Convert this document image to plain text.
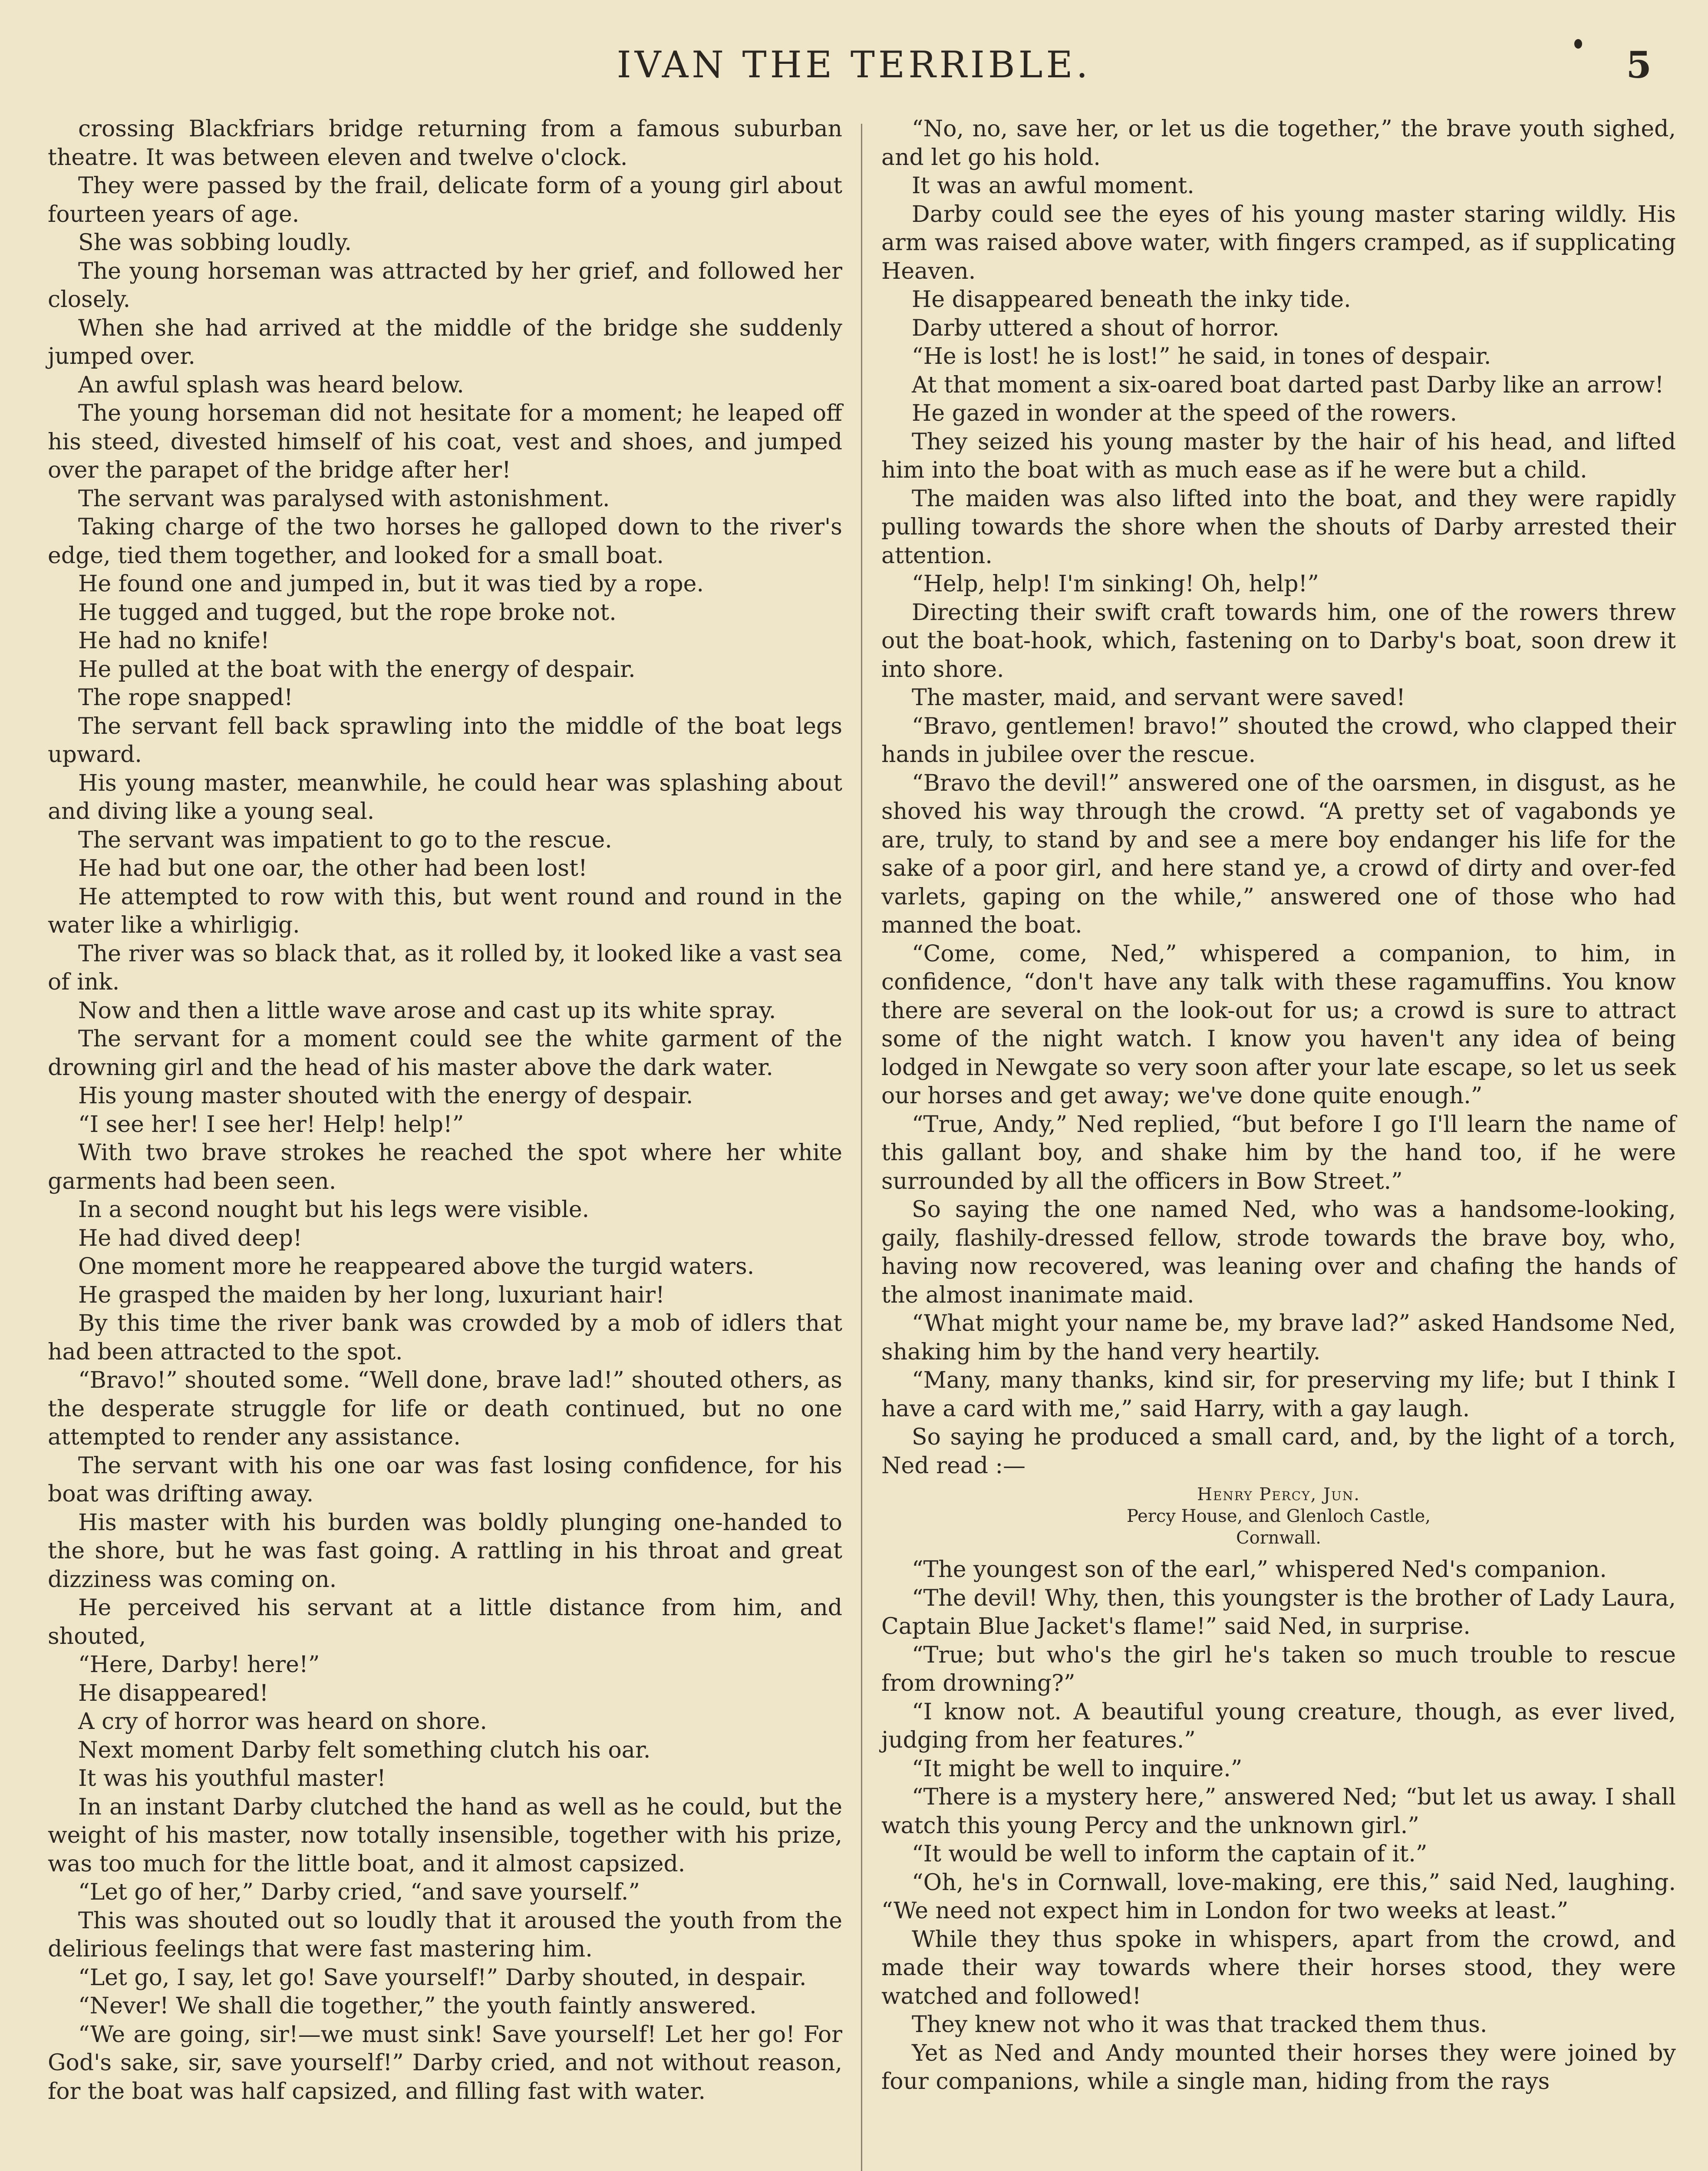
IVAN THE TERRIBLE.	5

crossing Blackfriars bridge returning from a famous suburban theatre. It was between eleven and twelve o'clock.

They were passed by the frail, delicate form of a young girl about fourteen years of age.

She was sobbing loudly.

The young horseman was attracted by her grief, and followed her closely.

When she had arrived at the middle of the bridge she suddenly jumped over.

An awful splash was heard below.

The young horseman did not hesitate for a moment; he leaped off his steed, divested himself of his coat, vest and shoes, and jumped over the parapet of the bridge after her!

The servant was paralysed with astonishment.

Taking charge of the two horses he galloped down to the river's edge, tied them together, and looked for a small boat.

He found one and jumped in, but it was tied by a rope.

He tugged and tugged, but the rope broke not.

He had no knife!

He pulled at the boat with the energy of despair.

The rope snapped!

The servant fell back sprawling into the middle of the boat legs upward.

His young master, meanwhile, he could hear was splashing about and diving like a young seal.

The servant was impatient to go to the rescue.

He had but one oar, the other had been lost!

He attempted to row with this, but went round and round in the water like a whirligig.

The river was so black that, as it rolled by, it looked like a vast sea of ink.

Now and then a little wave arose and cast up its white spray.

The servant for a moment could see the white garment of the drowning girl and the head of his master above the dark water.

His young master shouted with the energy of despair.

“I see her! I see her! Help! help!”

With two brave strokes he reached the spot where her white garments had been seen.

In a second nought but his legs were visible.

He had dived deep!

One moment more he reappeared above the turgid waters.

He grasped the maiden by her long, luxuriant hair!

By this time the river bank was crowded by a mob of idlers that had been attracted to the spot.

“Bravo!” shouted some. “Well done, brave lad!” shouted others, as the desperate struggle for life or death continued, but no one attempted to render any assistance.

The servant with his one oar was fast losing confidence, for his boat was drifting away.

His master with his burden was boldly plunging one-handed to the shore, but he was fast going. A rattling in his throat and great dizziness was coming on.

He perceived his servant at a little distance from him, and shouted,

“Here, Darby! here!”

He disappeared!

A cry of horror was heard on shore.

Next moment Darby felt something clutch his oar.

It was his youthful master!

In an instant Darby clutched the hand as well as he could, but the weight of his master, now totally insensible, together with his prize, was too much for the little boat, and it almost capsized.

“Let go of her,” Darby cried, “and save yourself.”

This was shouted out so loudly that it aroused the youth from the delirious feelings that were fast mastering him.

“Let go, I say, let go! Save yourself!” Darby shouted, in despair.

“Never! We shall die together,” the youth faintly answered.

“We are going, sir!—we must sink! Save yourself! Let her go! For God's sake, sir, save yourself!” Darby cried, and not without reason, for the boat was half capsized, and filling fast with water.

“No, no, save her, or let us die together,” the brave youth sighed, and let go his hold.

It was an awful moment.

Darby could see the eyes of his young master staring wildly. His arm was raised above water, with fingers cramped, as if supplicating Heaven.

He disappeared beneath the inky tide.

Darby uttered a shout of horror.

“He is lost! he is lost!” he said, in tones of despair.

At that moment a six-oared boat darted past Darby like an arrow!

He gazed in wonder at the speed of the rowers.

They seized his young master by the hair of his head, and lifted him into the boat with as much ease as if he were but a child.

The maiden was also lifted into the boat, and they were rapidly pulling towards the shore when the shouts of Darby arrested their attention.

“Help, help! I'm sinking! Oh, help!”

Directing their swift craft towards him, one of the rowers threw out the boat-hook, which, fastening on to Darby's boat, soon drew it into shore.

The master, maid, and servant were saved!

“Bravo, gentlemen! bravo!” shouted the crowd, who clapped their hands in jubilee over the rescue.

“Bravo the devil!” answered one of the oarsmen, in disgust, as he shoved his way through the crowd. “A pretty set of vagabonds ye are, truly, to stand by and see a mere boy endanger his life for the sake of a poor girl, and here stand ye, a crowd of dirty and over-fed varlets, gaping on the while,” answered one of those who had manned the boat.

“Come, come, Ned,” whispered a companion, to him, in confidence, “don't have any talk with these ragamuffins. You know there are several on the look-out for us; a crowd is sure to attract some of the night watch. I know you haven't any idea of being lodged in Newgate so very soon after your late escape, so let us seek our horses and get away; we've done quite enough.”

“True, Andy,” Ned replied, “but before I go I'll learn the name of this gallant boy, and shake him by the hand too, if he were surrounded by all the officers in Bow Street.”

So saying the one named Ned, who was a handsome-looking, gaily, flashily-dressed fellow, strode towards the brave boy, who, having now recovered, was leaning over and chafing the hands of the almost inanimate maid.

“What might your name be, my brave lad?” asked Handsome Ned, shaking him by the hand very heartily.

“Many, many thanks, kind sir, for preserving my life; but I think I have a card with me,” said Harry, with a gay laugh.

So saying he produced a small card, and, by the light of a torch, Ned read :—

Henry Percy, Jun.
Percy House, and Glenloch Castle,
Cornwall.

“The youngest son of the earl,” whispered Ned's companion.

“The devil! Why, then, this youngster is the brother of Lady Laura, Captain Blue Jacket's flame!” said Ned, in surprise.

“True; but who's the girl he's taken so much trouble to rescue from drowning?”

“I know not. A beautiful young creature, though, as ever lived, judging from her features.”

“It might be well to inquire.”

“There is a mystery here,” answered Ned; “but let us away. I shall watch this young Percy and the unknown girl.”

“It would be well to inform the captain of it.”

“Oh, he's in Cornwall, love-making, ere this,” said Ned, laughing. “We need not expect him in London for two weeks at least.”

While they thus spoke in whispers, apart from the crowd, and made their way towards where their horses stood, they were watched and followed!

They knew not who it was that tracked them thus.

Yet as Ned and Andy mounted their horses they were joined by four companions, while a single man, hiding from the rays
